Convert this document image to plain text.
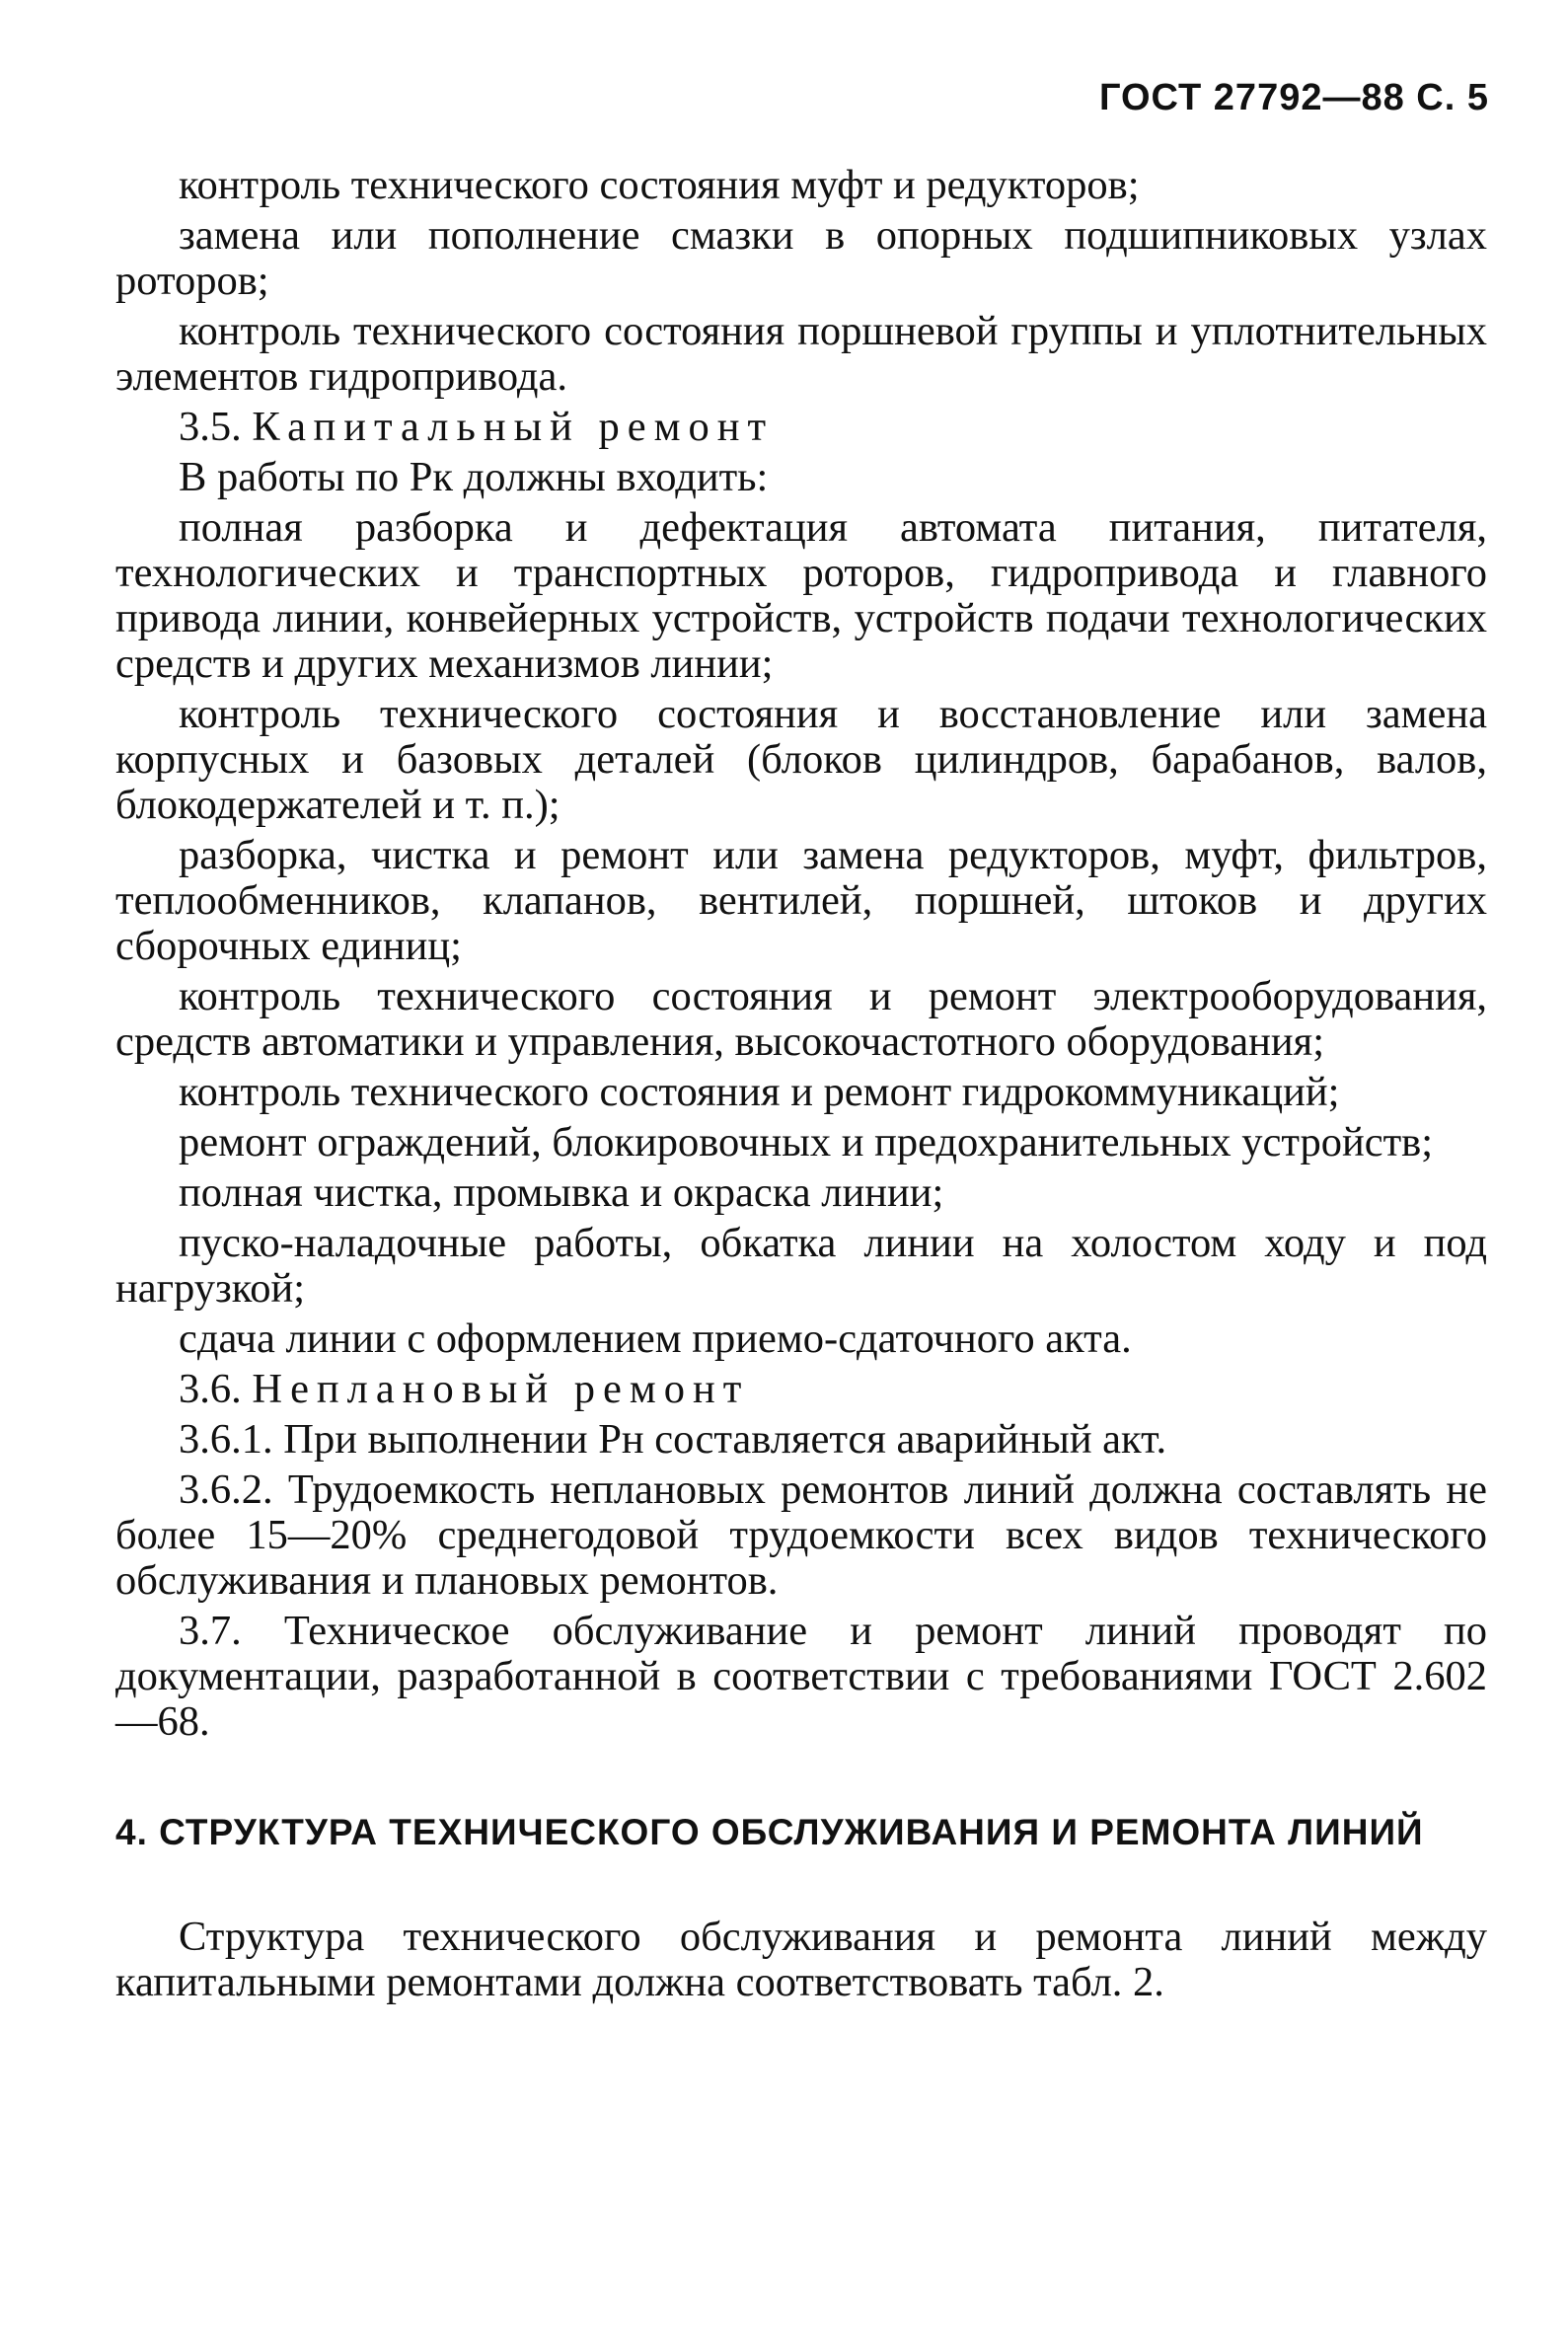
ГОСТ 27792—88 С. 5

контроль технического состояния муфт и редукторов;

замена или пополнение смазки в опорных подшипниковых узлах роторов;

контроль технического состояния поршневой группы и уплотнительных элементов гидропривода.

3.5. Капитальный ремонт

В работы по Рк должны входить:

полная разборка и дефектация автомата питания, питателя, технологических и транспортных роторов, гидропривода и главного привода линии, конвейерных устройств, устройств подачи технологических средств и других механизмов линии;

контроль технического состояния и восстановление или замена корпусных и базовых деталей (блоков цилиндров, барабанов, валов, блокодержателей и т. п.);

разборка, чистка и ремонт или замена редукторов, муфт, фильтров, теплообменников, клапанов, вентилей, поршней, штоков и других сборочных единиц;

контроль технического состояния и ремонт электрооборудования, средств автоматики и управления, высокочастотного оборудования;

контроль технического состояния и ремонт гидрокоммуникаций;

ремонт ограждений, блокировочных и предохранительных устройств;

полная чистка, промывка и окраска линии;

пуско-наладочные работы, обкатка линии на холостом ходу и под нагрузкой;

сдача линии с оформлением приемо-сдаточного акта.

3.6. Неплановый ремонт

3.6.1. При выполнении Рн составляется аварийный акт.

3.6.2. Трудоемкость неплановых ремонтов линий должна составлять не более 15—20% среднегодовой трудоемкости всех видов технического обслуживания и плановых ремонтов.

3.7. Техническое обслуживание и ремонт линий проводят по документации, разработанной в соответствии с требованиями ГОСТ 2.602—68.

4. СТРУКТУРА ТЕХНИЧЕСКОГО ОБСЛУЖИВАНИЯ И РЕМОНТА ЛИНИЙ

Структура технического обслуживания и ремонта линий между капитальными ремонтами должна соответствовать табл. 2.
